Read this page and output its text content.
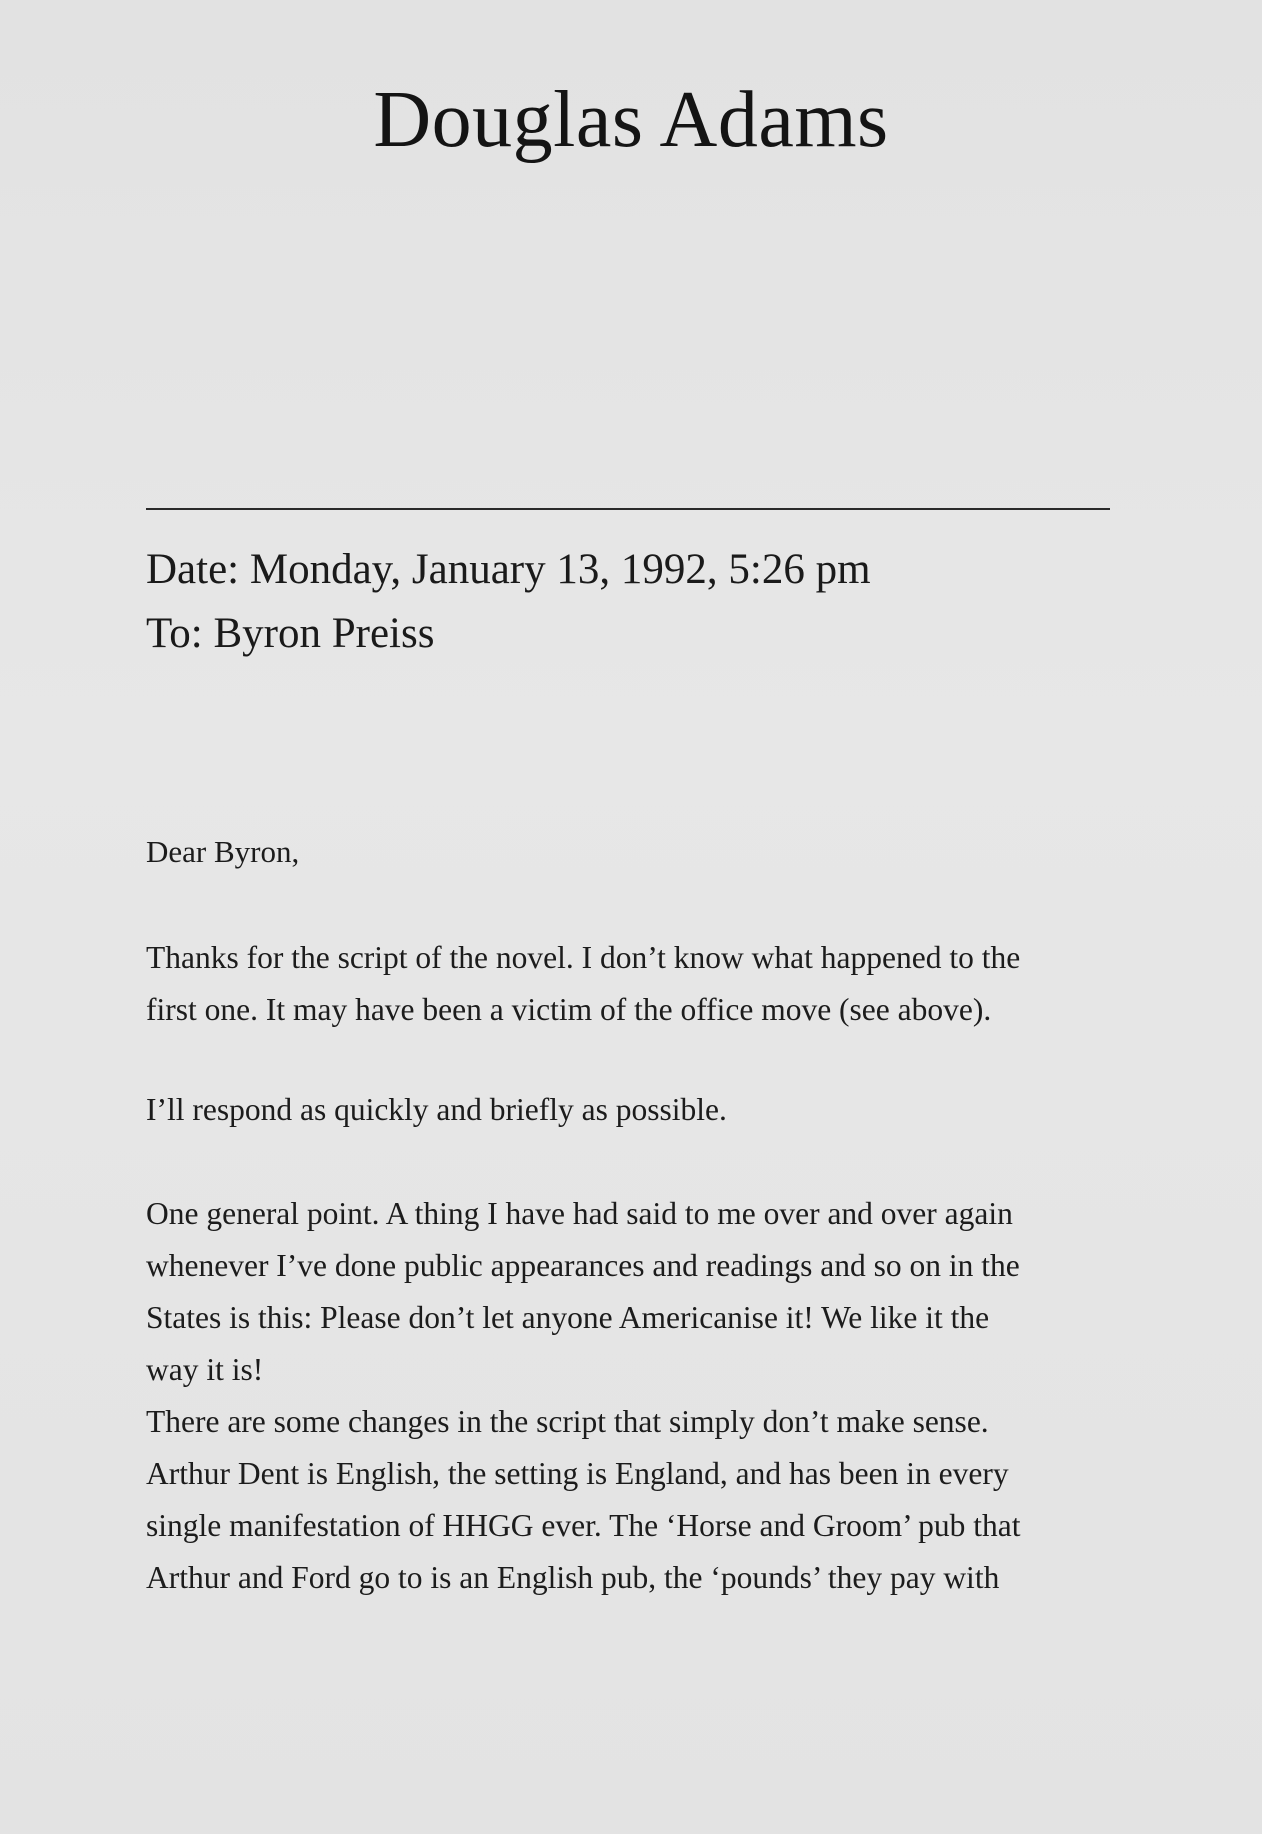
Douglas Adams
Date: Monday, January 13, 1992, 5:26 pm
To: Byron Preiss
Dear Byron,
Thanks for the script of the novel. I don’t know what happened to the
first one. It may have been a victim of the office move (see above).
I’ll respond as quickly and briefly as possible.
One general point. A thing I have had said to me over and over again
whenever I’ve done public appearances and readings and so on in the
States is this: Please don’t let anyone Americanise it! We like it the
way it is!
There are some changes in the script that simply don’t make sense.
Arthur Dent is English, the setting is England, and has been in every
single manifestation of HHGG ever. The ‘Horse and Groom’ pub that
Arthur and Ford go to is an English pub, the ‘pounds’ they pay with
